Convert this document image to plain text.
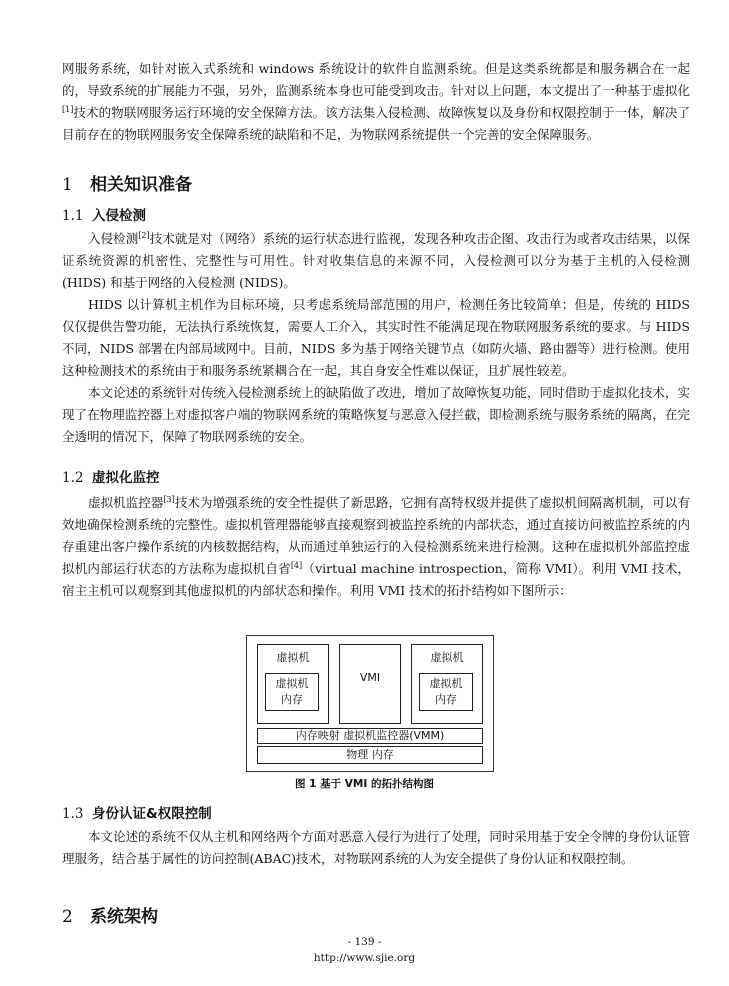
网服务系统，如针对嵌入式系统和 windows 系统设计的软件自监测系统。但是这类系统都是和服务耦合在一起的，导致系统的扩展能力不强，另外，监测系统本身也可能受到攻击。针对以上问题，本文提出了一种基于虚拟化[1]技术的物联网服务运行环境的安全保障方法。该方法集入侵检测、故障恢复以及身份和权限控制于一体，解决了目前存在的物联网服务安全保障系统的缺陷和不足，为物联网系统提供一个完善的安全保障服务。

1 相关知识准备
1.1 入侵检测

入侵检测[2]技术就是对（网络）系统的运行状态进行监视，发现各种攻击企图、攻击行为或者攻击结果，以保证系统资源的机密性、完整性与可用性。针对收集信息的来源不同，入侵检测可以分为基于主机的入侵检测 (HIDS) 和基于网络的入侵检测 (NIDS)。

HIDS 以计算机主机作为目标环境，只考虑系统局部范围的用户，检测任务比较简单；但是，传统的 HIDS 仅仅提供告警功能，无法执行系统恢复，需要人工介入，其实时性不能满足现在物联网服务系统的要求。与 HIDS 不同，NIDS 部署在内部局域网中。目前，NIDS 多为基于网络关键节点（如防火墙、路由器等）进行检测。使用这种检测技术的系统由于和服务系统紧耦合在一起，其自身安全性难以保证，且扩展性较差。

本文论述的系统针对传统入侵检测系统上的缺陷做了改进，增加了故障恢复功能，同时借助于虚拟化技术，实现了在物理监控器上对虚拟客户端的物联网系统的策略恢复与恶意入侵拦截，即检测系统与服务系统的隔离，在完全透明的情况下，保障了物联网系统的安全。

1.2 虚拟化监控

虚拟机监控器[3]技术为增强系统的安全性提供了新思路，它拥有高特权级并提供了虚拟机间隔离机制，可以有效地确保检测系统的完整性。虚拟机管理器能够直接观察到被监控系统的内部状态，通过直接访问被监控系统的内存重建出客户操作系统的内核数据结构，从而通过单独运行的入侵检测系统来进行检测。这种在虚拟机外部监控虚拟机内部运行状态的方法称为虚拟机自省[4]（virtual machine introspection，简称 VMI）。利用 VMI 技术，宿主主机可以观察到其他虚拟机的内部状态和操作。利用 VMI 技术的拓扑结构如下图所示：

虚拟机
虚拟机
内存
VMI
虚拟机
虚拟机
内存
内存映射 虚拟机监控器(VMM)
物理 内存
图 1 基于 VMI 的拓扑结构图
1.3 身份认证&权限控制

本文论述的系统不仅从主机和网络两个方面对恶意入侵行为进行了处理，同时采用基于安全令牌的身份认证管理服务，结合基于属性的访问控制(ABAC)技术，对物联网系统的人为安全提供了身份认证和权限控制。

2 系统架构
- 139 -
http://www.sjie.org
